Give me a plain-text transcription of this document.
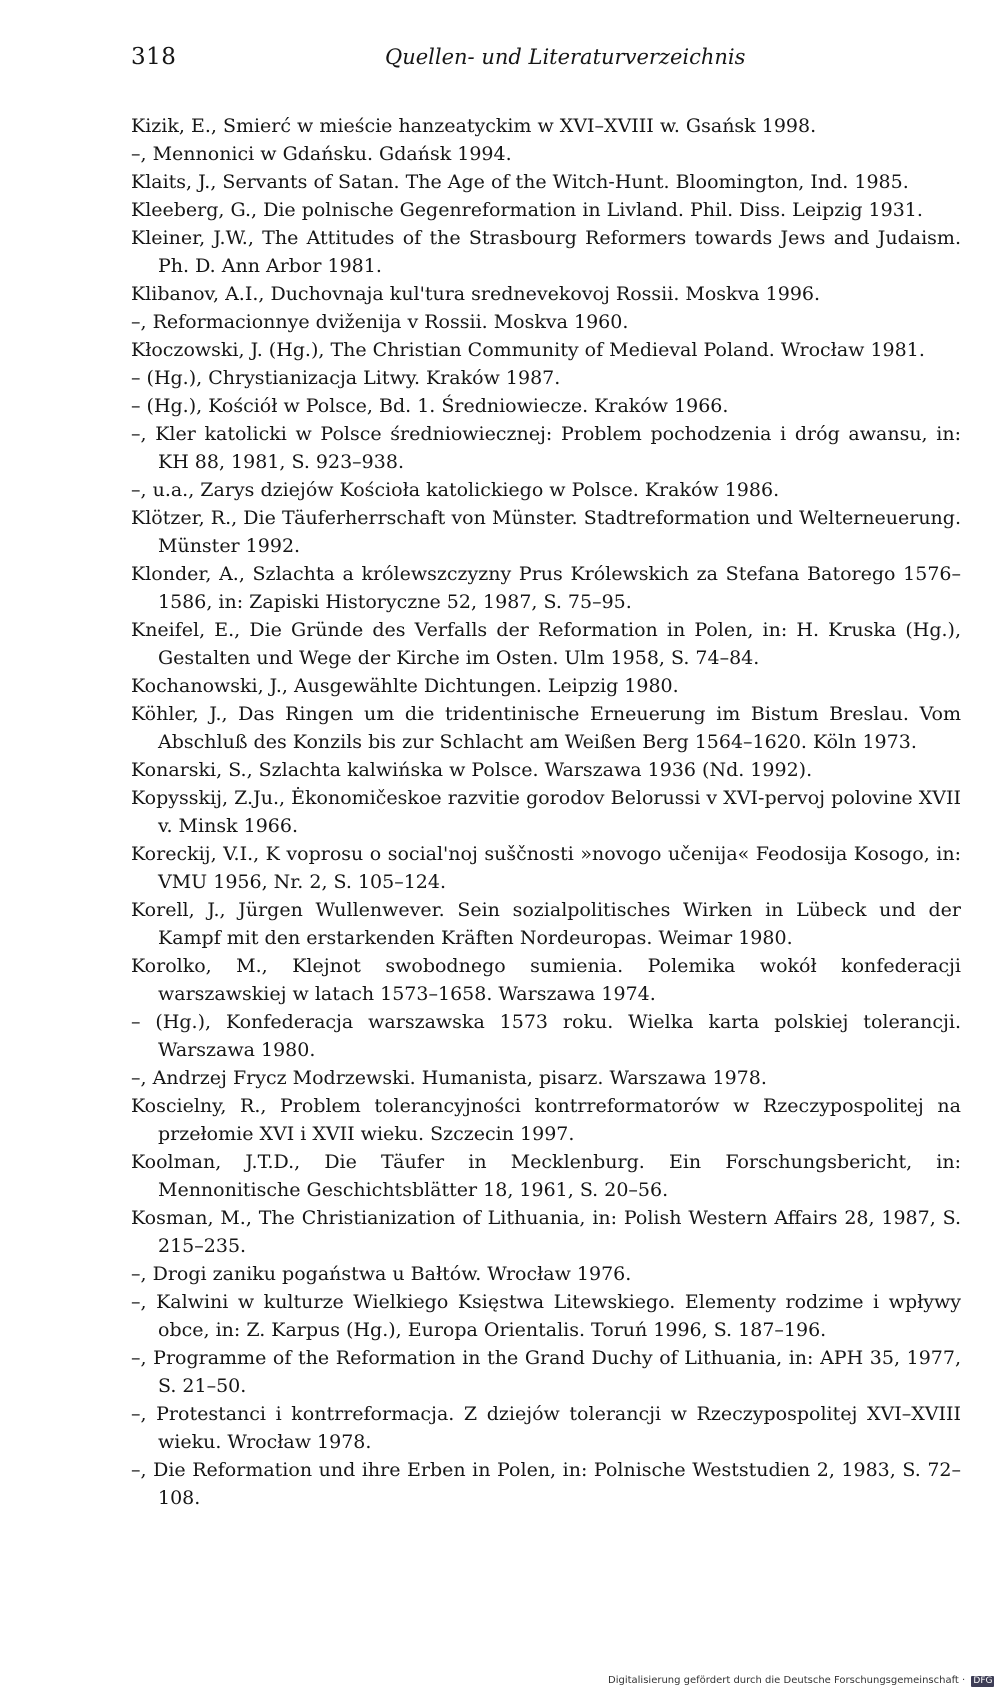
318	Quellen- und Literaturverzeichnis
Kizik, E., Smierć w mieście hanzeatyckim w XVI–XVIII w. Gsańsk 1998.
–, Mennonici w Gdańsku. Gdańsk 1994.
Klaits, J., Servants of Satan. The Age of the Witch-Hunt. Bloomington, Ind. 1985.
Kleeberg, G., Die polnische Gegenreformation in Livland. Phil. Diss. Leipzig 1931.
Kleiner, J.W., The Attitudes of the Strasbourg Reformers towards Jews and Judaism. Ph. D. Ann Arbor 1981.
Klibanov, A.I., Duchovnaja kul'tura srednevekovoj Rossii. Moskva 1996.
–, Reformacionnye dviženija v Rossii. Moskva 1960.
Kłoczowski, J. (Hg.), The Christian Community of Medieval Poland. Wrocław 1981.
– (Hg.), Chrystianizacja Litwy. Kraków 1987.
– (Hg.), Kościół w Polsce, Bd. 1. Średniowiecze. Kraków 1966.
–, Kler katolicki w Polsce średniowiecznej: Problem pochodzenia i dróg awansu, in: KH 88, 1981, S. 923–938.
–, u.a., Zarys dziejów Kościoła katolickiego w Polsce. Kraków 1986.
Klötzer, R., Die Täuferherrschaft von Münster. Stadtreformation und Welterneuerung. Münster 1992.
Klonder, A., Szlachta a królewszczyzny Prus Królewskich za Stefana Batorego 1576–1586, in: Zapiski Historyczne 52, 1987, S. 75–95.
Kneifel, E., Die Gründe des Verfalls der Reformation in Polen, in: H. Kruska (Hg.), Gestalten und Wege der Kirche im Osten. Ulm 1958, S. 74–84.
Kochanowski, J., Ausgewählte Dichtungen. Leipzig 1980.
Köhler, J., Das Ringen um die tridentinische Erneuerung im Bistum Breslau. Vom Abschluß des Konzils bis zur Schlacht am Weißen Berg 1564–1620. Köln 1973.
Konarski, S., Szlachta kalwińska w Polsce. Warszawa 1936 (Nd. 1992).
Kopysskij, Z.Ju., Ėkonomičeskoe razvitie gorodov Belorussi v XVI-pervoj polovine XVII v. Minsk 1966.
Koreckij, V.I., K voprosu o social'noj suščnosti »novogo učenija« Feodosija Kosogo, in: VMU 1956, Nr. 2, S. 105–124.
Korell, J., Jürgen Wullenwever. Sein sozialpolitisches Wirken in Lübeck und der Kampf mit den erstarkenden Kräften Nordeuropas. Weimar 1980.
Korolko, M., Klejnot swobodnego sumienia. Polemika wokół konfederacji warszawskiej w latach 1573–1658. Warszawa 1974.
– (Hg.), Konfederacja warszawska 1573 roku. Wielka karta polskiej tolerancji. Warszawa 1980.
–, Andrzej Frycz Modrzewski. Humanista, pisarz. Warszawa 1978.
Koscielny, R., Problem tolerancyjności kontrreformatorów w Rzeczypospolitej na przełomie XVI i XVII wieku. Szczecin 1997.
Koolman, J.T.D., Die Täufer in Mecklenburg. Ein Forschungsbericht, in: Mennonitische Geschichtsblätter 18, 1961, S. 20–56.
Kosman, M., The Christianization of Lithuania, in: Polish Western Affairs 28, 1987, S. 215–235.
–, Drogi zaniku pogaństwa u Bałtów. Wrocław 1976.
–, Kalwini w kulturze Wielkiego Księstwa Litewskiego. Elementy rodzime i wpływy obce, in: Z. Karpus (Hg.), Europa Orientalis. Toruń 1996, S. 187–196.
–, Programme of the Reformation in the Grand Duchy of Lithuania, in: APH 35, 1977, S. 21–50.
–, Protestanci i kontrreformacja. Z dziejów tolerancji w Rzeczypospolitej XVI–XVIII wieku. Wrocław 1978.
–, Die Reformation und ihre Erben in Polen, in: Polnische Weststudien 2, 1983, S. 72–108.
Digitalisierung gefördert durch die Deutsche Forschungsgemeinschaft · DFG
